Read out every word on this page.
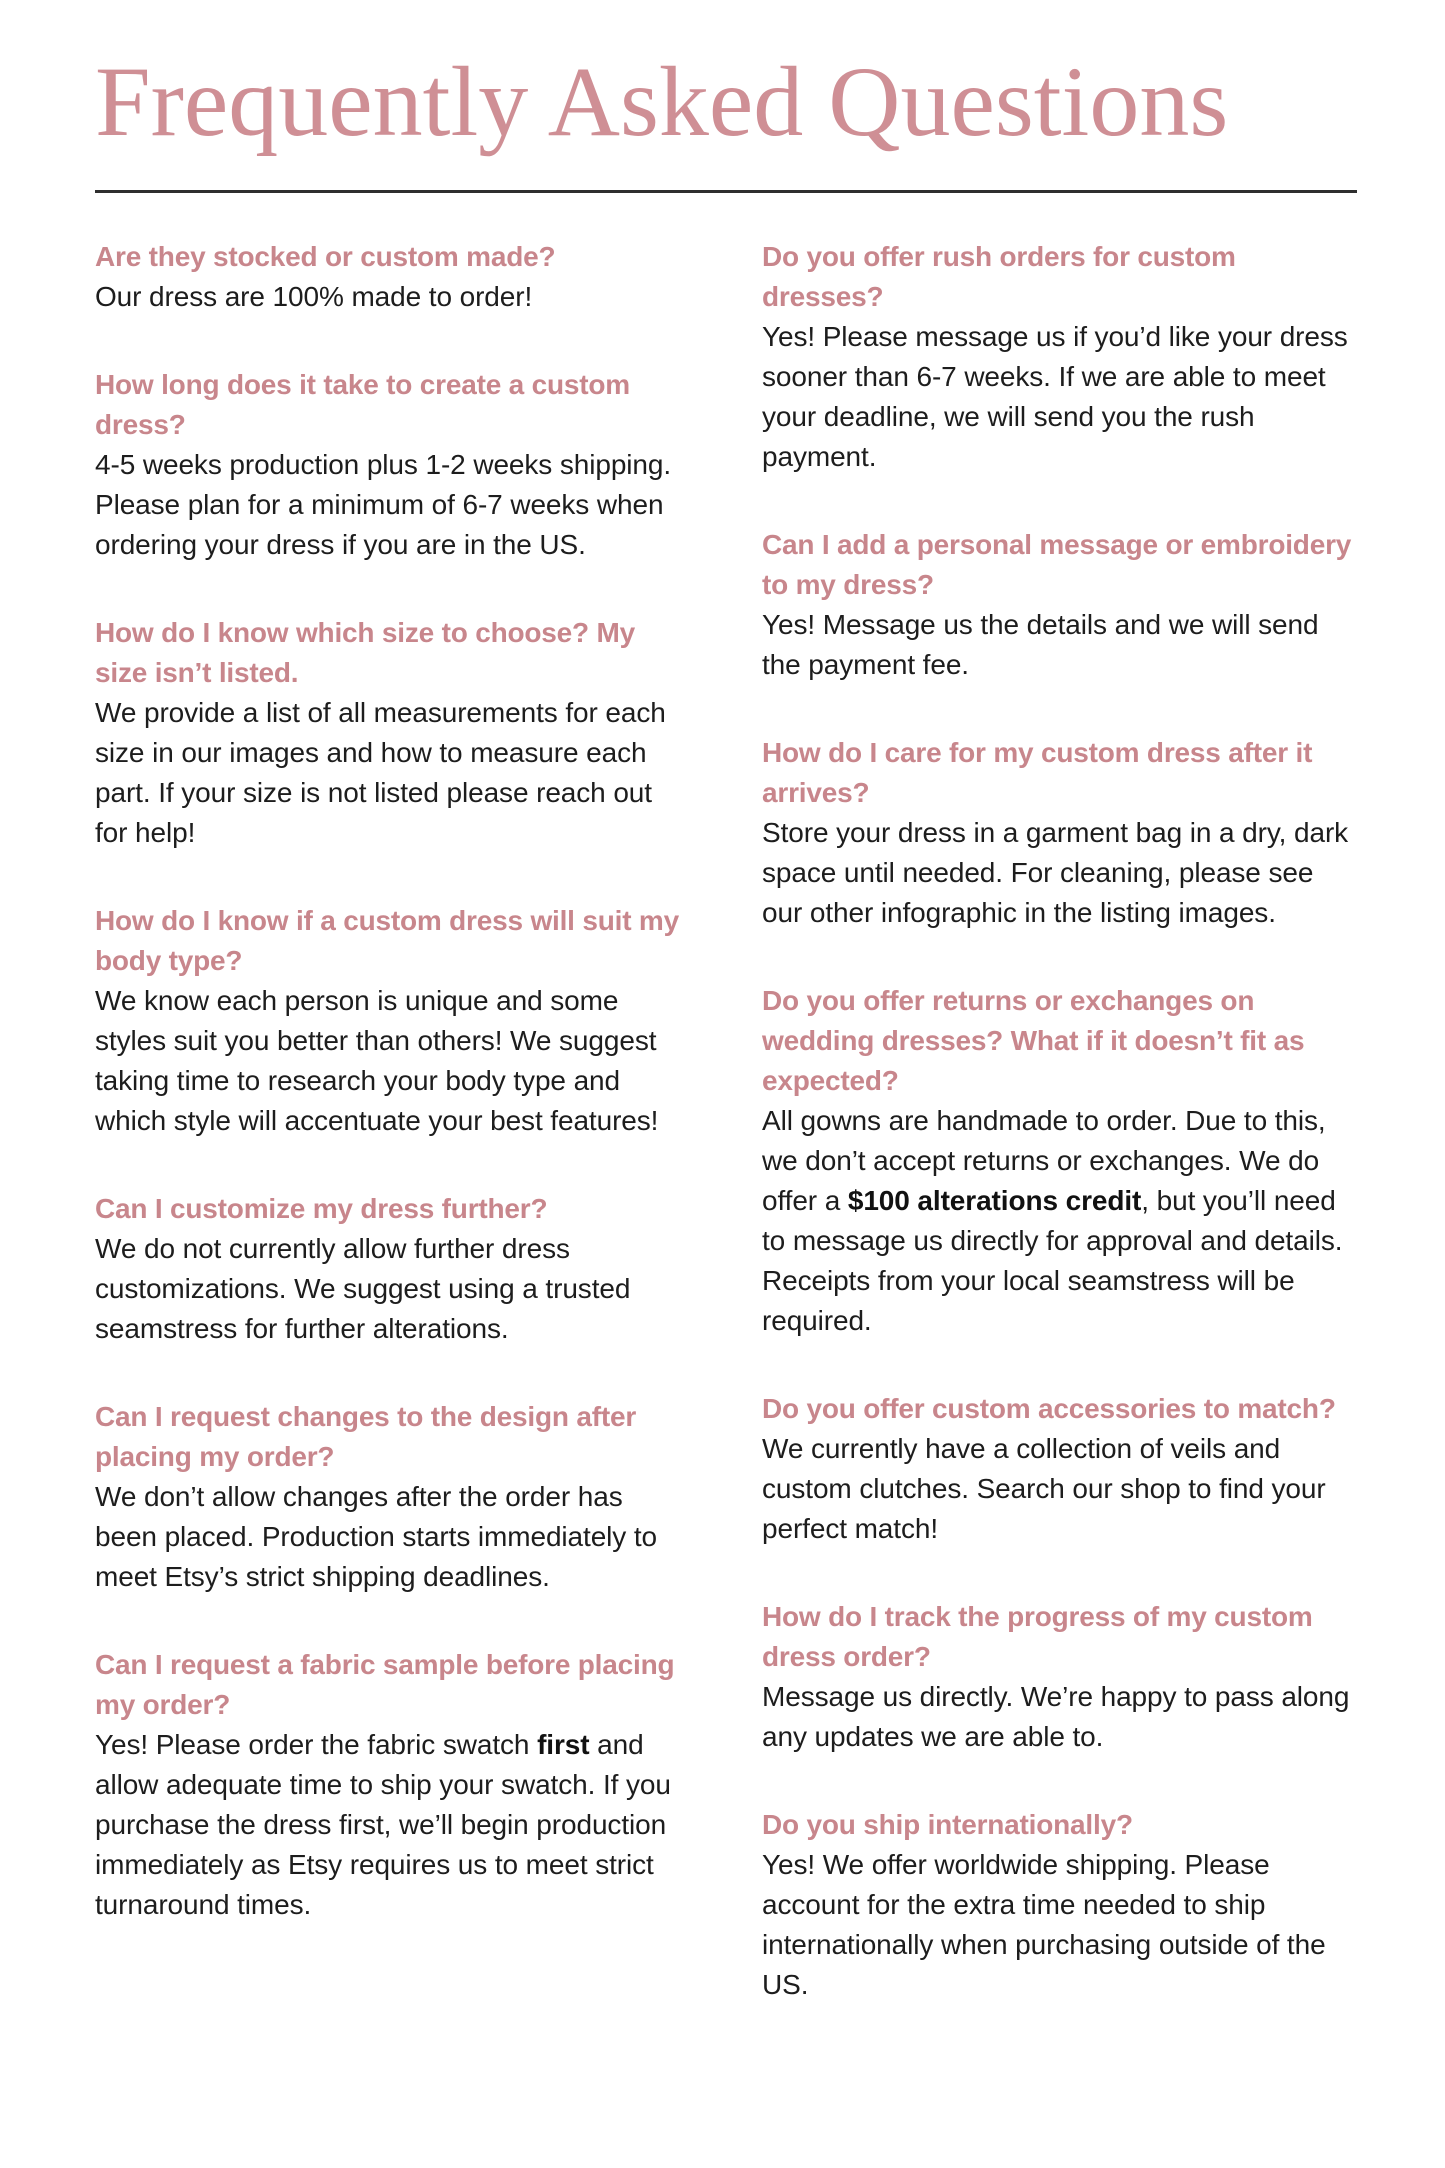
Frequently Asked Questions
Are they stocked or custom made?
Our dress are 100% made to order!
How long does it take to create a custom dress?
4-5 weeks production plus 1-2 weeks shipping. Please plan for a minimum of 6-7 weeks when ordering your dress if you are in the US.
How do I know which size to choose? My size isn’t listed.
We provide a list of all measurements for each size in our images and how to measure each part. If your size is not listed please reach out for help!
How do I know if a custom dress will suit my body type?
We know each person is unique and some styles suit you better than others! We suggest taking time to research your body type and which style will accentuate your best features!
Can I customize my dress further?
We do not currently allow further dress customizations. We suggest using a trusted seamstress for further alterations.
Can I request changes to the design after placing my order?
We don’t allow changes after the order has been placed. Production starts immediately to meet Etsy’s strict shipping deadlines.
Can I request a fabric sample before placing my order?
Yes! Please order the fabric swatch first and allow adequate time to ship your swatch. If you purchase the dress first, we’ll begin production immediately as Etsy requires us to meet strict turnaround times.
Do you offer rush orders for custom dresses?
Yes! Please message us if you’d like your dress sooner than 6-7 weeks. If we are able to meet your deadline, we will send you the rush payment.
Can I add a personal message or embroidery to my dress?
Yes! Message us the details and we will send the payment fee.
How do I care for my custom dress after it arrives?
Store your dress in a garment bag in a dry, dark space until needed. For cleaning, please see our other infographic in the listing images.
Do you offer returns or exchanges on wedding dresses? What if it doesn’t fit as expected?
All gowns are handmade to order. Due to this, we don’t accept returns or exchanges. We do offer a $100 alterations credit, but you’ll need to message us directly for approval and details. Receipts from your local seamstress will be required.
Do you offer custom accessories to match?
We currently have a collection of veils and custom clutches. Search our shop to find your perfect match!
How do I track the progress of my custom dress order?
Message us directly. We’re happy to pass along any updates we are able to.
Do you ship internationally?
Yes! We offer worldwide shipping. Please account for the extra time needed to ship internationally when purchasing outside of the US.
